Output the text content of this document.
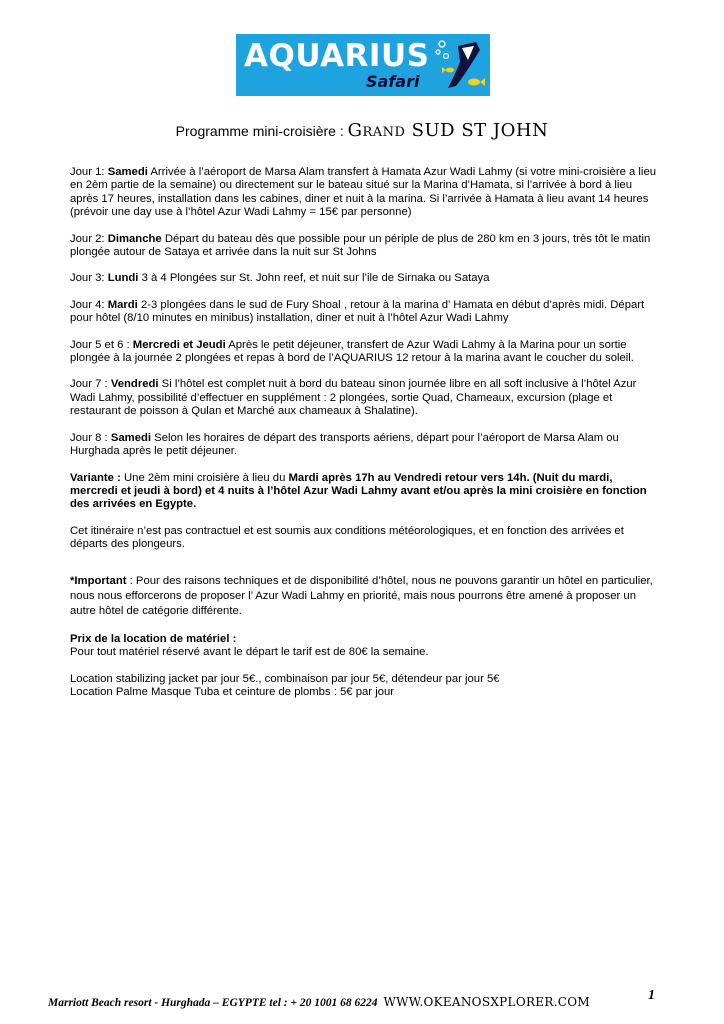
AQUARIUS
Safari
Programme mini-croisière : Grand SUD ST JOHN

Jour 1: Samedi Arrivée à l’aéroport de Marsa Alam transfert à Hamata Azur Wadi Lahmy (si votre mini-croisière a lieu en 2èm partie de la semaine) ou directement sur le bateau situé sur la Marina d’Hamata, si l’arrivée à bord à lieu après 17 heures, installation dans les cabines, diner et nuit à la marina. Si l’arrivée à Hamata à lieu avant 14 heures (prévoir une day use à l’hôtel Azur Wadi Lahmy = 15€ par personne)

Jour 2: Dimanche Départ du bateau dès que possible pour un périple de plus de 280 km en 3 jours, très tôt le matin plongée autour de Sataya et arrivée dans la nuit sur St Johns

Jour 3: Lundi 3 à 4 Plongées sur St. John reef, et nuit sur l’ile de Sirnaka ou Sataya

Jour 4: Mardi 2-3 plongées dans le sud de Fury Shoal , retour à la marina d’ Hamata en début d’après midi. Départ pour hôtel (8/10 minutes en minibus) installation, diner et nuit à l’hôtel Azur Wadi Lahmy

Jour 5 et 6 : Mercredi et Jeudi Après le petit déjeuner, transfert de Azur Wadi Lahmy à la Marina pour un sortie plongée à la journée 2 plongées et repas à bord de l’AQUARIUS 12 retour à la marina avant le coucher du soleil.

Jour 7 : Vendredi Si l’hôtel est complet nuit à bord du bateau sinon journée libre en all soft inclusive à l’hôtel Azur Wadi Lahmy, possibilité d’effectuer en supplément : 2 plongées, sortie Quad, Chameaux, excursion (plage et restaurant de poisson à Qulan et Marché aux chameaux à Shalatine).

Jour 8 : Samedi Selon les horaires de départ des transports aériens, départ pour l’aéroport de Marsa Alam ou Hurghada après le petit déjeuner.

Variante : Une 2èm mini croisière à lieu du Mardi après 17h au Vendredi retour vers 14h. (Nuit du mardi, mercredi et jeudi à bord) et 4 nuits à l’hôtel Azur Wadi Lahmy avant et/ou après la mini croisière en fonction des arrivées en Egypte.

Cet itinéraire n’est pas contractuel et est soumis aux conditions météorologiques, et en fonction des arrivées et départs des plongeurs.

*Important : Pour des raisons techniques et de disponibilité d’hôtel, nous ne pouvons garantir un hôtel en particulier, nous nous efforcerons de proposer l’ Azur Wadi Lahmy en priorité, mais nous pourrons être amené à proposer un autre hôtel de catégorie différente.

Prix de la location de matériel :

Pour tout matériel réservé avant le départ le tarif est de 80€ la semaine.

Location stabilizing jacket par jour 5€., combinaison par jour 5€, détendeur par jour 5€

Location Palme Masque Tuba et ceinture de plombs : 5€ par jour

Marriott Beach resort - Hurghada – EGYPTE tel : + 20 1001 68 6224 WWW.OKEANOSXPLORER.COM	1
